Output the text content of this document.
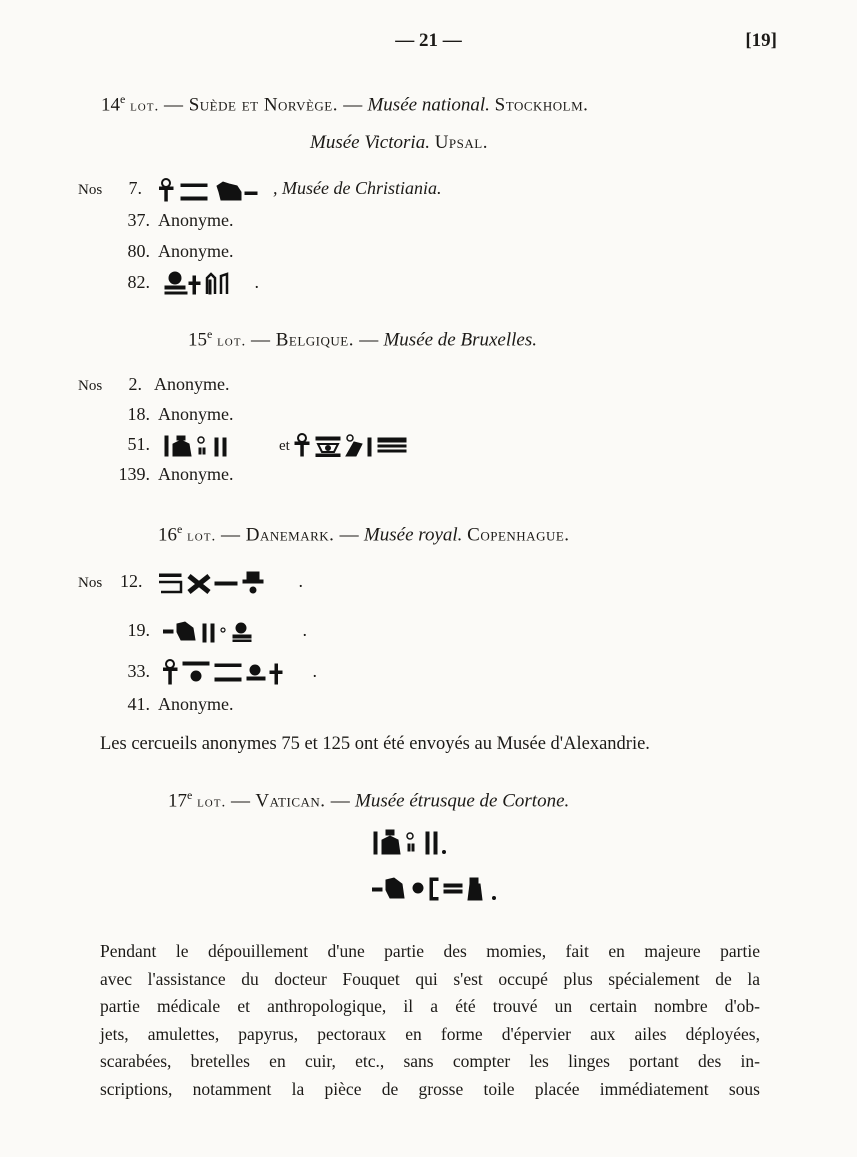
— 21 —	[19]
14e lot. — Suède et Norvège. — Musée national. Stockholm.
Musée Victoria. Upsal.
Nos 7.	, Musée de Christiania.
37. Anonyme.
80. Anonyme.
82.	.
15e lot. — Belgique. — Musée de Bruxelles.
Nos 2. Anonyme.
18. Anonyme.
51.	et
139. Anonyme.
16e lot. — Danemark. — Musée royal. Copenhague.
Nos 12.	.
19.	.
33.	.
41. Anonyme.
Les cercueils anonymes 75 et 125 ont été envoyés au Musée d'Alexandrie.
17e lot. — Vatican. — Musée étrusque de Cortone.
Pendant le dépouillement d'une partie des momies, fait en majeure partie
avec l'assistance du docteur Fouquet qui s'est occupé plus spécialement de la
partie médicale et anthropologique, il a été trouvé un certain nombre d'ob-
jets, amulettes, papyrus, pectoraux en forme d'épervier aux ailes déployées,
scarabées, bretelles en cuir, etc., sans compter les linges portant des in-
scriptions, notamment la pièce de grosse toile placée immédiatement sous
